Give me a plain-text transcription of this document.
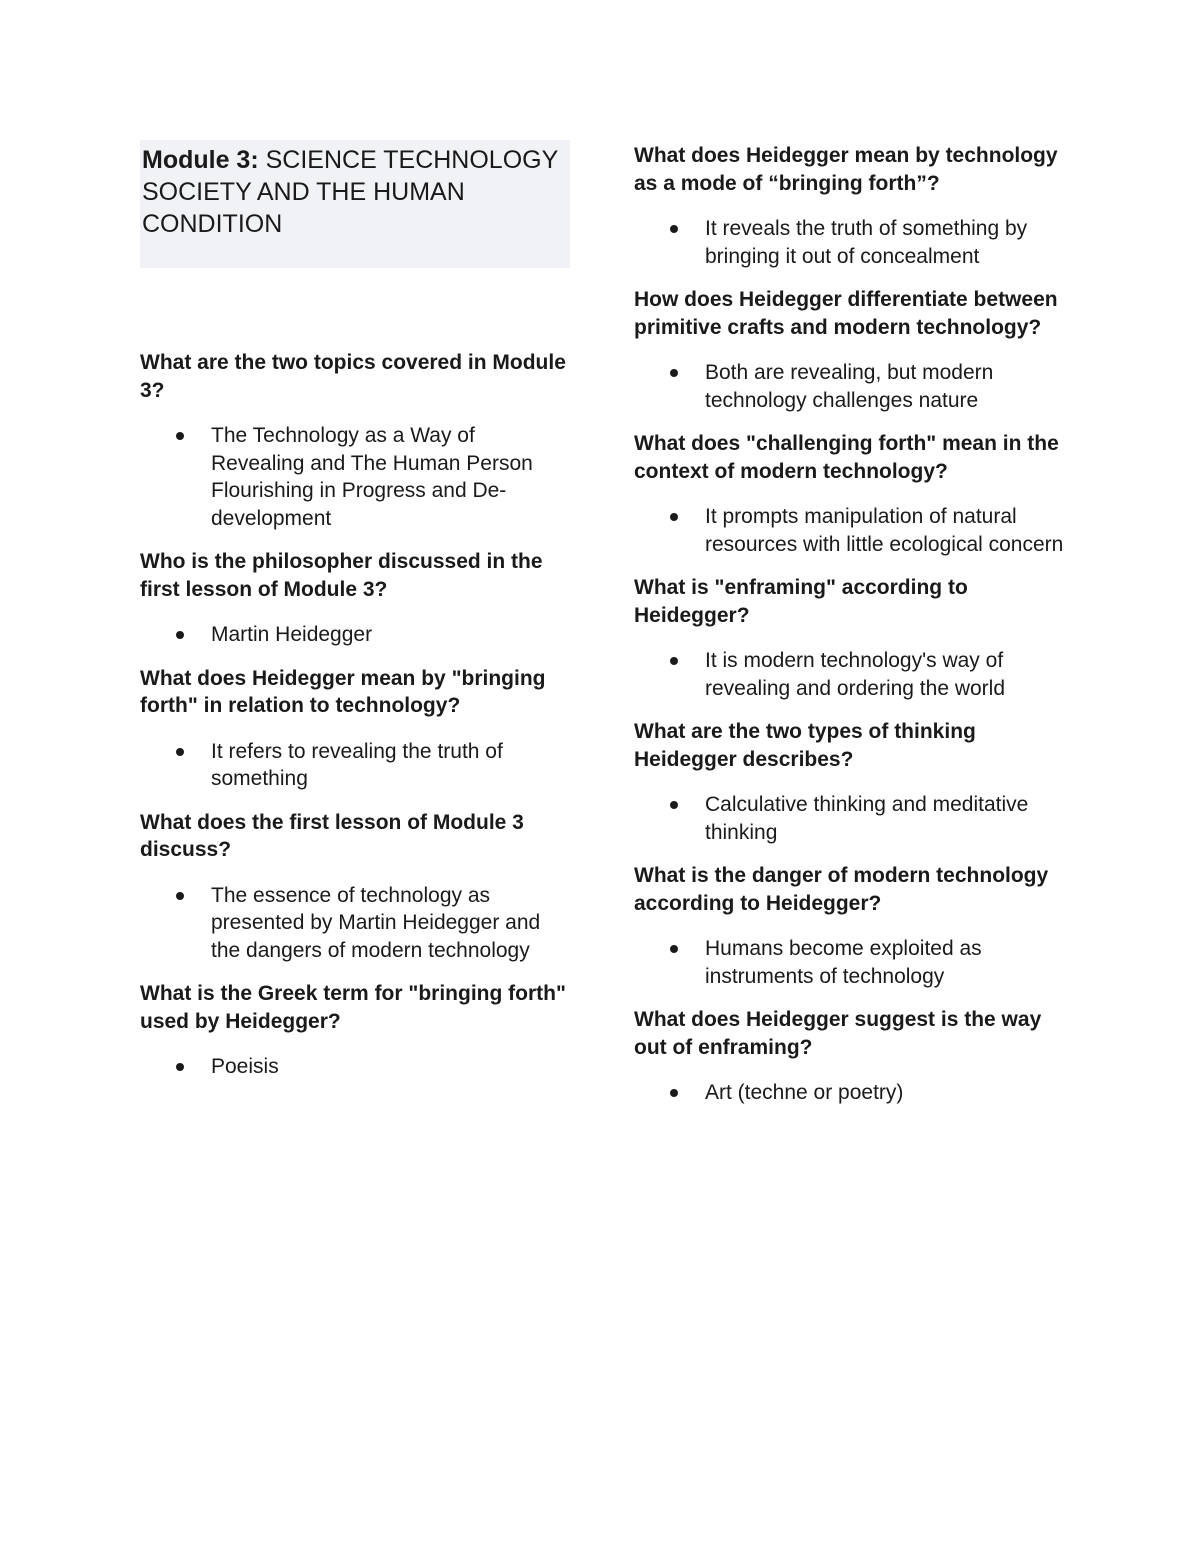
Module 3: SCIENCE TECHNOLOGY SOCIETY AND THE HUMAN CONDITION

What are the two topics covered in Module 3?

The Technology as a Way of Revealing and The Human Person Flourishing in Progress and De-development

Who is the philosopher discussed in the first lesson of Module 3?

Martin Heidegger

What does Heidegger mean by "bringing forth" in relation to technology?

It refers to revealing the truth of something

What does the first lesson of Module 3 discuss?

The essence of technology as presented by Martin Heidegger and the dangers of modern technology

What is the Greek term for "bringing forth" used by Heidegger?

Poeisis

What does Heidegger mean by technology as a mode of “bringing forth”?

It reveals the truth of something by bringing it out of concealment

How does Heidegger differentiate between primitive crafts and modern technology?

Both are revealing, but modern technology challenges nature

What does "challenging forth" mean in the context of modern technology?

It prompts manipulation of natural resources with little ecological concern

What is "enframing" according to Heidegger?

It is modern technology's way of revealing and ordering the world

What are the two types of thinking Heidegger describes?

Calculative thinking and meditative thinking

What is the danger of modern technology according to Heidegger?

Humans become exploited as instruments of technology

What does Heidegger suggest is the way out of enframing?

Art (techne or poetry)
